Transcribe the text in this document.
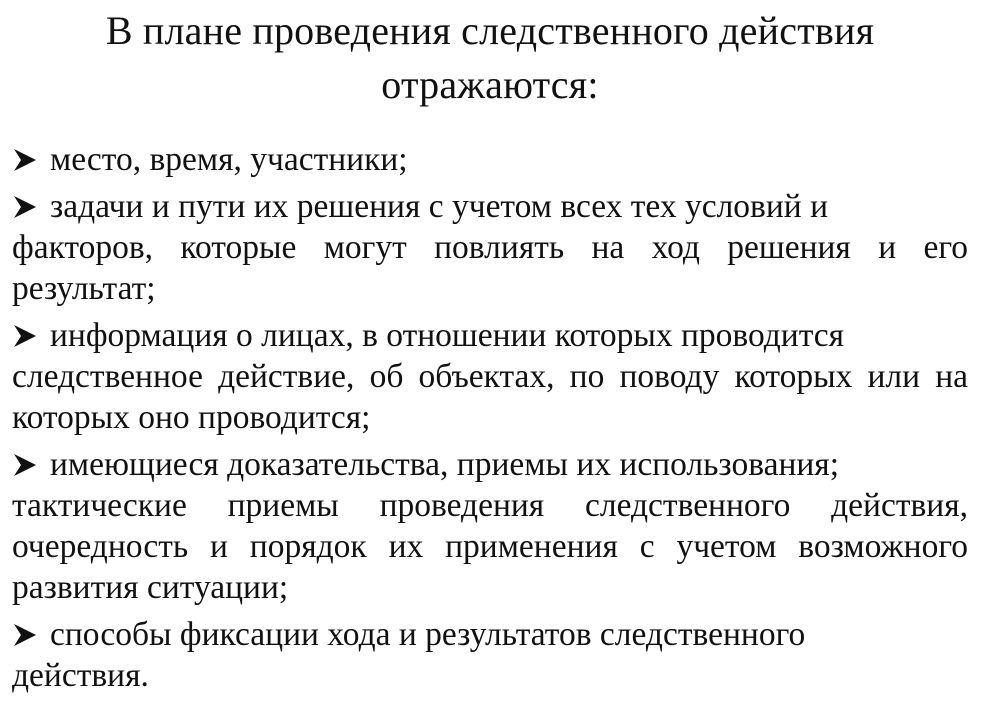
В плане проведения следственного действия отражаются:
место, время, участники;
задачи и пути их решения с учетом всех тех условий и
факторов, которые могут повлиять на ход решения и его результат;
информация о лицах, в отношении которых проводится
следственное действие, об объектах, по поводу которых или на которых оно проводится;
имеющиеся доказательства, приемы их использования;
тактические приемы проведения следственного действия, очередность и порядок их применения с учетом возможного развития ситуации;
способы фиксации хода и результатов следственного
действия.
